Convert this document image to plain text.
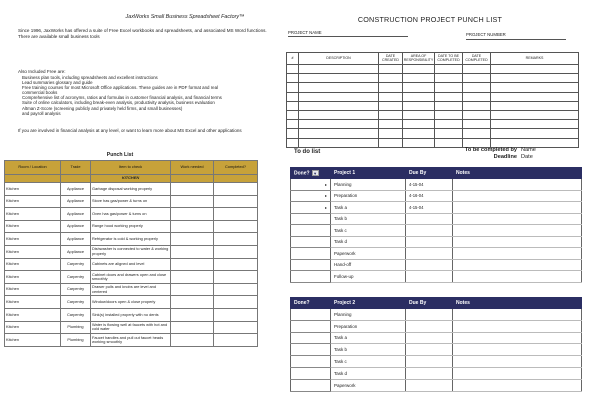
JaxWorks Small Business Spreadsheet Factory™
Since 1996, JaxWorks has offered a suite of Free Excel workbooks and spreadsheets, and associated MS Word functions. There are available small business tools
Also Included Free are:
Business plan tools, including spreadsheets and excellent instructions
Lead summaries glossary and guide
Free training courses for most Microsoft Office applications. These guides are in PDF format and real
commercial books
Comprehensive list of acronyms, ratios and formulas in customer financial analysis, and financial terms
Suite of online calculators, including break-even analysis, productivity analysis, business evaluation
Altman Z-Score (screening publicly and privately held firms, and small businesses)
and payroll analysis
If you are involved in financial analysis at any level, or want to learn more about MS Excel and other applications
Punch List
Room / Location	Trade	Item to check	Work needed	Completed?
		KITCHEN		
Kitchen	Appliance	Garbage disposal working properly		
Kitchen	Appliance	Stove has gas/power & turns on		
Kitchen	Appliance	Oven has gas/power & turns on		
Kitchen	Appliance	Range hood working properly		
Kitchen	Appliance	Refrigerator is cold & working properly		
Kitchen	Appliance	Dishwasher is connected to water & working properly		
Kitchen	Carpentry	Cabinets are aligned and level		
Kitchen	Carpentry	Cabinet doors and drawers open and close smoothly		
Kitchen	Carpentry	Drawer pulls and knobs are level and centered		
Kitchen	Carpentry	Window/doors open & close properly		
Kitchen	Carpentry	Sink(s) installed properly with no dents		
Kitchen	Plumbing	Water is flowing well at faucets with hot and cold water		
Kitchen	Plumbing	Faucet handles and pull out faucet heads working smoothly		
CONSTRUCTION PROJECT PUNCH LIST
PROJECT NAME	PROJECT NUMBER
#	DESCRIPTION	DATE CREATED	AREA OF RESPONSIBILITY	DATE TO BE COMPLETED	DATE COMPLETED	REMARKS

To do list	To be completed by Name
Deadline Date
Done? ▼	Project 1	Due By	Notes
▸	Planning	4-15-04	
▸	Preparation	4-16-04	
▸	Task a	4-15-04	
	Task b		
	Task c		
	Task d		
	Paperwork		
	Hand-off		
	Follow-up		
Done?	Project 2	Due By	Notes
	Planning		
	Preparation		
	Task a		
	Task b		
	Task c		
	Task d		
	Paperwork		
